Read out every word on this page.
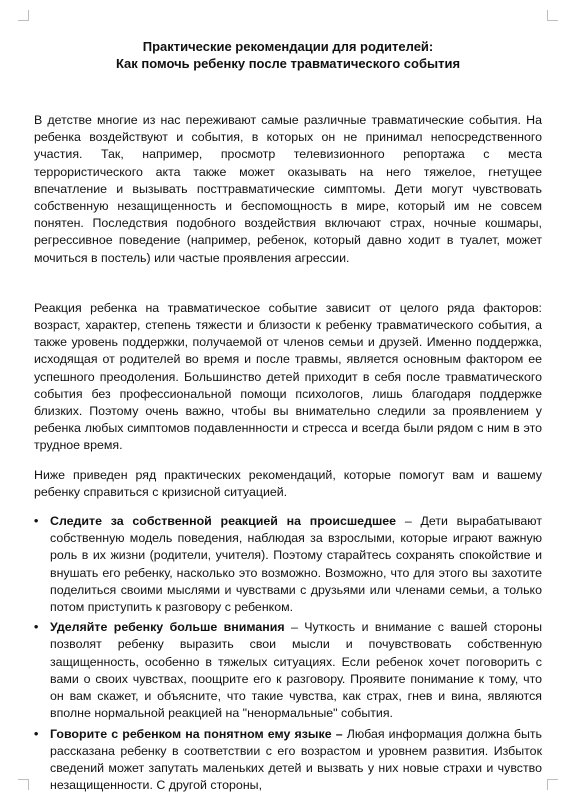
Практические рекомендации для родителей:
Как помочь ребенку после травматического события

В детстве многие из нас переживают самые различные травматические события. На ребенка воздействуют и события, в которых он не принимал непосредственного участия. Так, например, просмотр телевизионного репортажа с места террористического акта также может оказывать на него тяжелое, гнетущее впечатление и вызывать посттравматические симптомы. Дети могут чувствовать собственную незащищенность и беспомощность в мире, который им не совсем понятен. Последствия подобного воздействия включают страх, ночные кошмары, регрессивное поведение (например, ребенок, который давно ходит в туалет, может мочиться в постель) или частые проявления агрессии.

Реакция ребенка на травматическое событие зависит от целого ряда факторов: возраст, характер, степень тяжести и близости к ребенку травматического события, а также уровень поддержки, получаемой от членов семьи и друзей. Именно поддержка, исходящая от родителей во время и после травмы, является основным фактором ее успешного преодоления. Большинство детей приходит в себя после травматического события без профессиональной помощи психологов, лишь благодаря поддержке близких. Поэтому очень важно, чтобы вы внимательно следили за проявлением у ребенка любых симптомов подавленнности и стресса и всегда были рядом с ним в это трудное время.

Ниже приведен ряд практических рекомендаций, которые помогут вам и вашему ребенку справиться с кризисной ситуацией.

• Следите за собственной реакцией на происшедшее – Дети вырабатывают собственную модель поведения, наблюдая за взрослыми, которые играют важную роль в их жизни (родители, учителя). Поэтому старайтесь сохранять спокойствие и внушать его ребенку, насколько это возможно. Возможно, что для этого вы захотите поделиться своими мыслями и чувствами с друзьями или членами семьи, а только потом приступить к разговору с ребенком.
• Уделяйте ребенку больше внимания – Чуткость и внимание с вашей стороны позволят ребенку выразить свои мысли и почувствовать собственную защищенность, особенно в тяжелых ситуациях. Если ребенок хочет поговорить с вами о своих чувствах, поощрите его к разговору. Проявите понимание к тому, что он вам скажет, и объясните, что такие чувства, как страх, гнев и вина, являются вполне нормальной реакцией на "ненормальные" события.
• Говорите с ребенком на понятном ему языке – Любая информация должна быть рассказана ребенку в соответствии с его возрастом и уровнем развития. Избыток сведений может запутать маленьких детей и вызвать у них новые страхи и чувство незащищенности. С другой стороны,
